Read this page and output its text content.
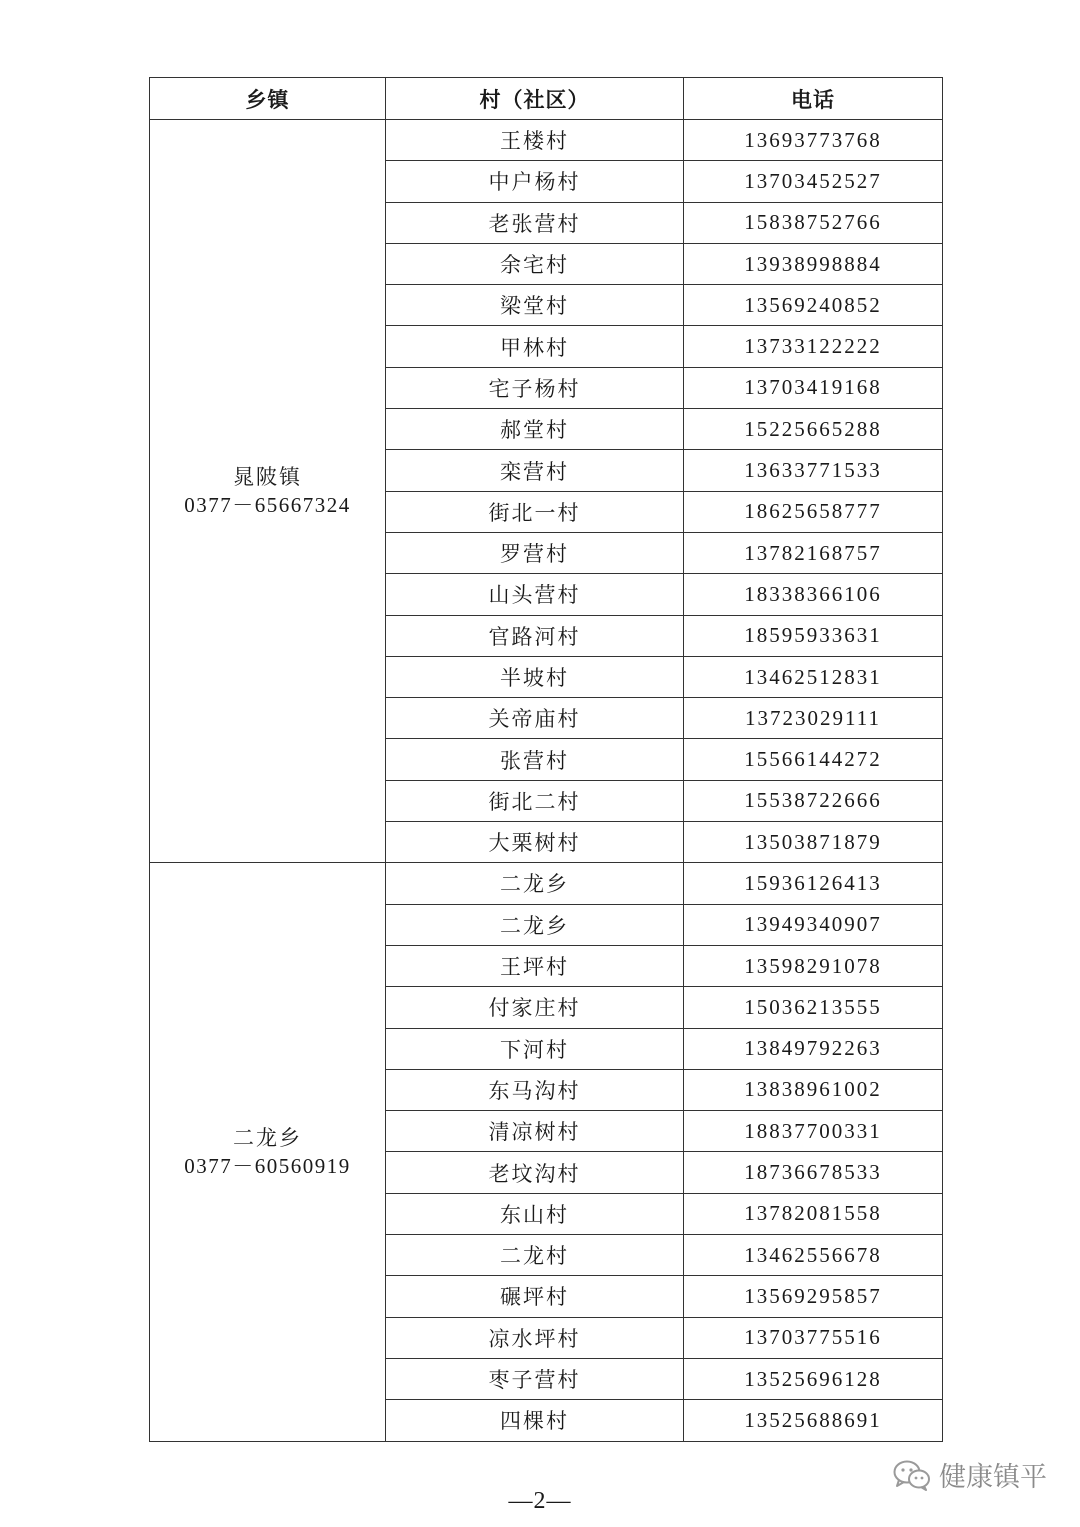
乡镇	村（社区）	电话

晁陂镇
0377－65667324	王楼村	13693773768
	中户杨村	13703452527
	老张营村	15838752766
	余宅村	13938998884
	梁堂村	13569240852
	甲林村	13733122222
	宅子杨村	13703419168
	郝堂村	15225665288
	栾营村	13633771533
	街北一村	18625658777
	罗营村	13782168757
	山头营村	18338366106
	官路河村	18595933631
	半坡村	13462512831
	关帝庙村	13723029111
	张营村	15566144272
	街北二村	15538722666
	大栗树村	13503871879

二龙乡
0377－60560919	二龙乡	15936126413
	二龙乡	13949340907
	王坪村	13598291078
	付家庄村	15036213555
	下河村	13849792263
	东马沟村	13838961002
	清凉树村	18837700331
	老坟沟村	18736678533
	东山村	13782081558
	二龙村	13462556678
	碾坪村	13569295857
	凉水坪村	13703775516
	枣子营村	13525696128
	四棵村	13525688691
健康镇平
—2—
